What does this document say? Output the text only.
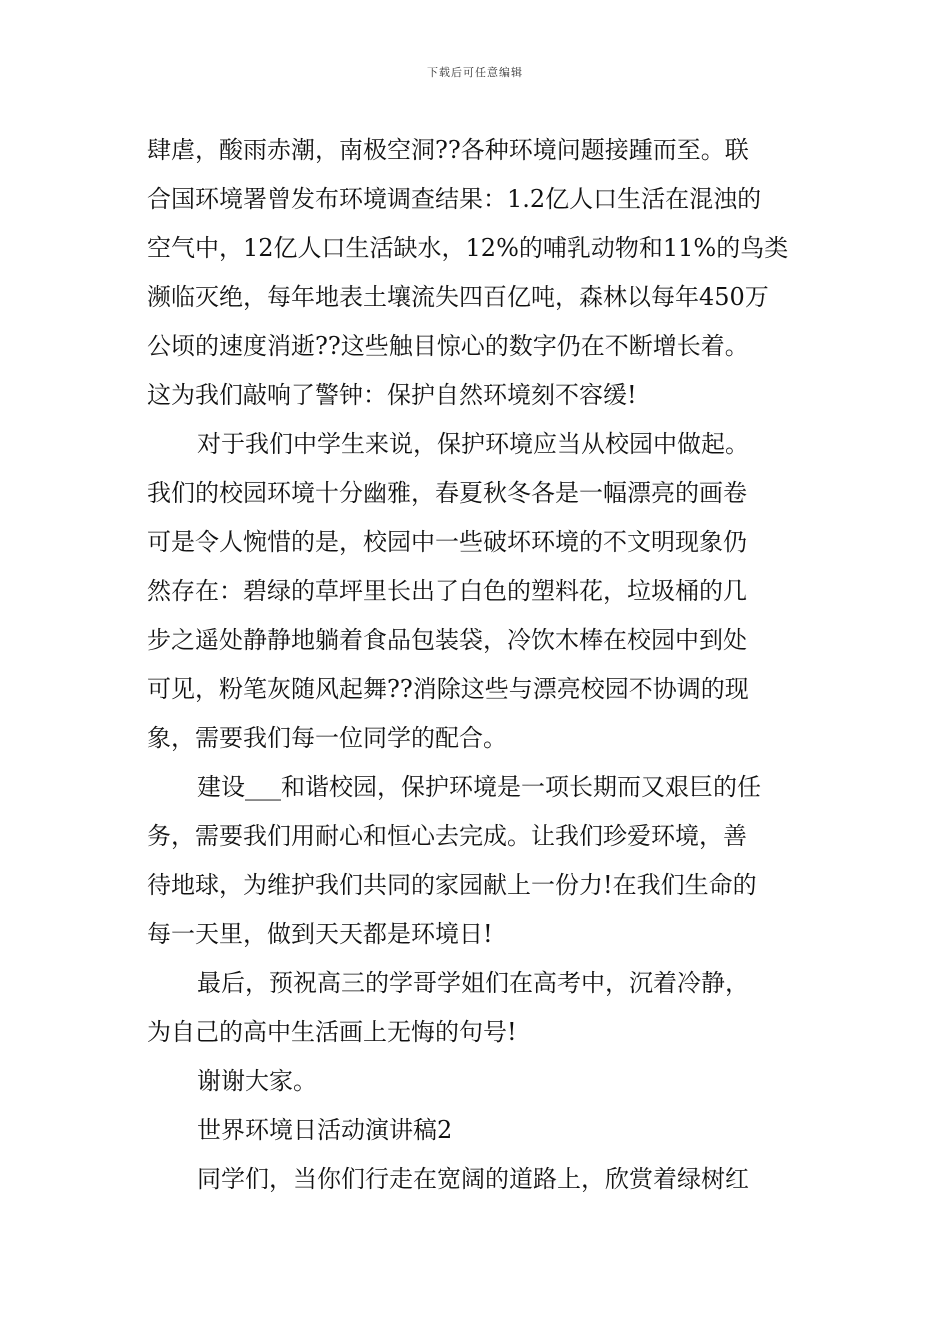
下载后可任意编辑
肆虐，酸雨赤潮，南极空洞??各种环境问题接踵而至。联
合国环境署曾发布环境调查结果：1.2亿人口生活在混浊的
空气中，12亿人口生活缺水，12%的哺乳动物和11%的鸟类
濒临灭绝，每年地表土壤流失四百亿吨，森林以每年450万
公顷的速度消逝??这些触目惊心的数字仍在不断增长着。
这为我们敲响了警钟：保护自然环境刻不容缓!
对于我们中学生来说，保护环境应当从校园中做起。
我们的校园环境十分幽雅，春夏秋冬各是一幅漂亮的画卷
可是令人惋惜的是，校园中一些破坏环境的不文明现象仍
然存在：碧绿的草坪里长出了白色的塑料花，垃圾桶的几
步之遥处静静地躺着食品包装袋，冷饮木棒在校园中到处
可见，粉笔灰随风起舞??消除这些与漂亮校园不协调的现
象，需要我们每一位同学的配合。
建设___和谐校园，保护环境是一项长期而又艰巨的任
务，需要我们用耐心和恒心去完成。让我们珍爱环境，善
待地球，为维护我们共同的家园献上一份力!在我们生命的
每一天里，做到天天都是环境日!
最后，预祝高三的学哥学姐们在高考中，沉着冷静，
为自己的高中生活画上无悔的句号!
谢谢大家。
世界环境日活动演讲稿2
同学们，当你们行走在宽阔的道路上，欣赏着绿树红
